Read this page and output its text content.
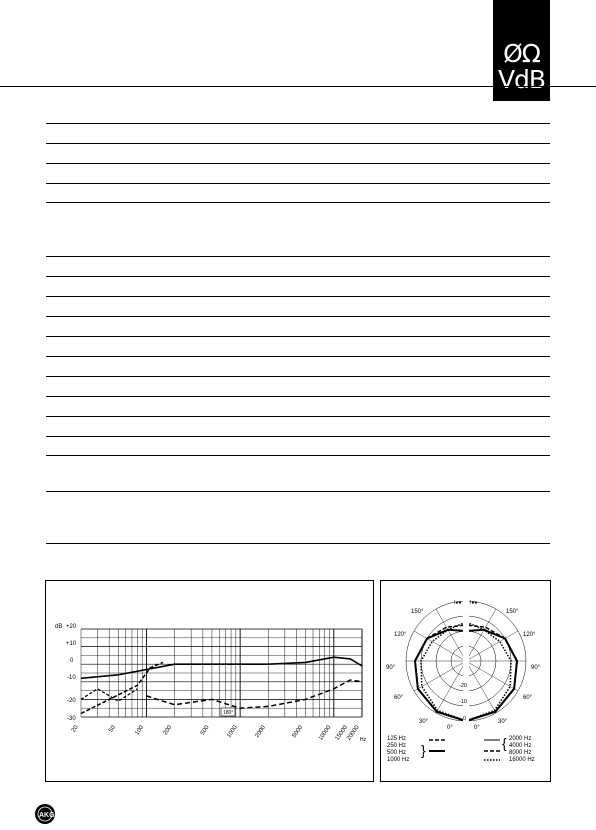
ØΩ
VdB
dB +20
+10
0
-10
-20
-30
20	50	100	200	500	1000	2000	5000 10000 15000
20000 Hz
180°
150°	150°
120°	120°
90°	90°
60°	60°
30°	30°
0°	0°
-20
-10
0
I●● I●●
125 Hz
250 Hz
500 Hz
1000 Hz
}	{ 2000 Hz
4000 Hz
8000 Hz
16000 Hz
AKG
